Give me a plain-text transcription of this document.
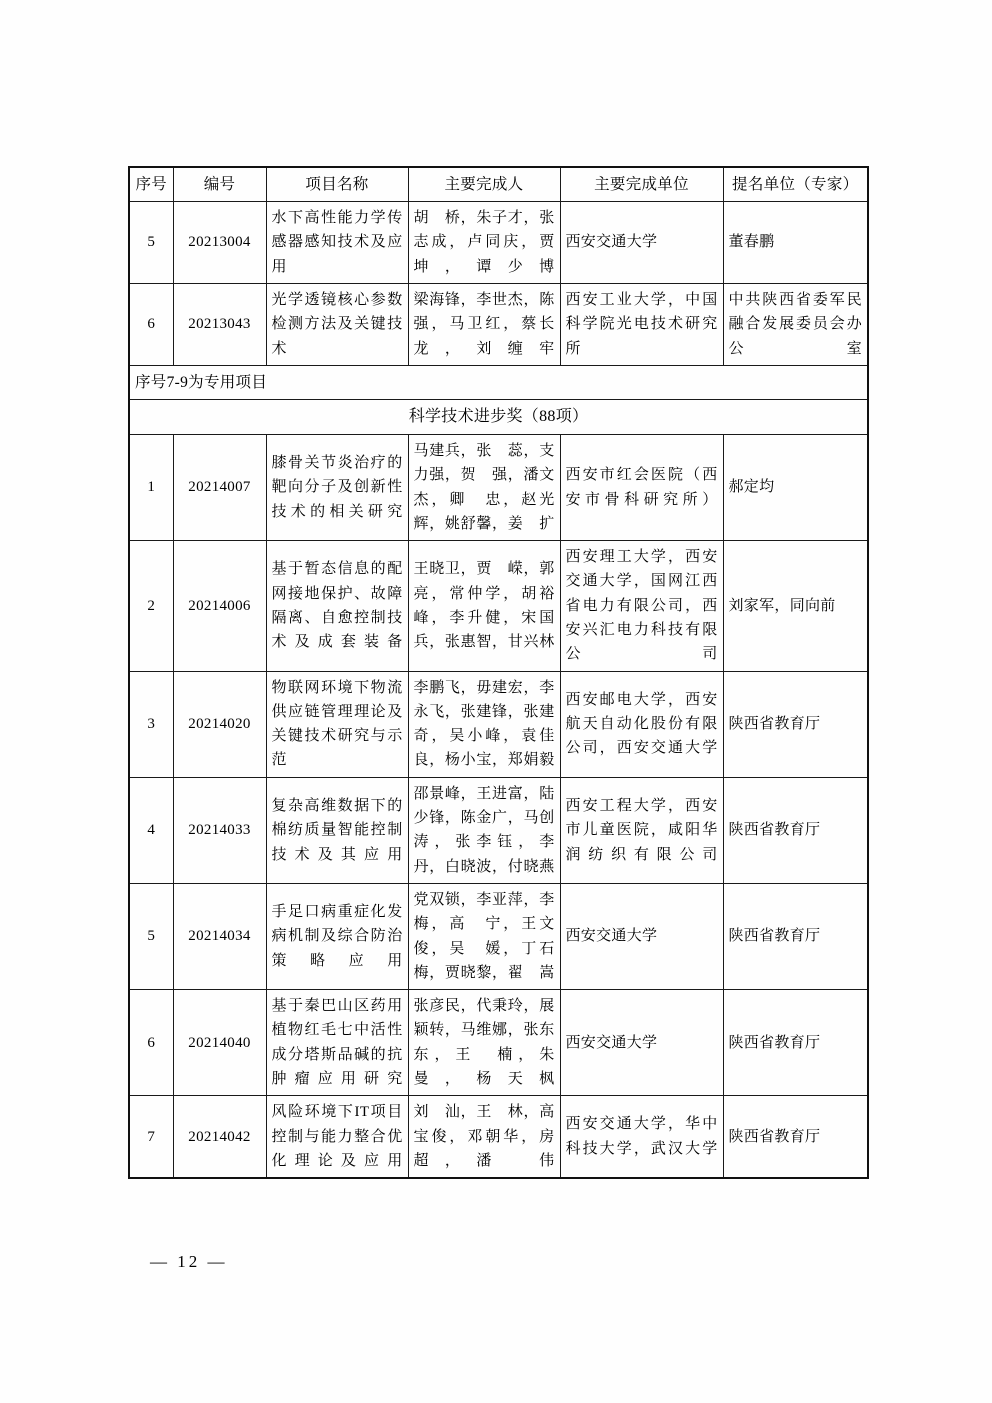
序号	编号	项目名称	主要完成人	主要完成单位	提名单位（专家）
5	20213004	水下高性能力学传感器感知技术及应用	胡　桥，朱子才，张志成，卢同庆，贾　坤，谭少博	西安交通大学	董春鹏
6	20213043	光学透镜核心参数检测方法及关键技术	梁海锋，李世杰，陈　强，马卫红，蔡长龙，刘缠牢	西安工业大学，中国科学院光电技术研究所	中共陕西省委军民融合发展委员会办公室
序号7-9为专用项目					
科学技术进步奖（88项）					
1	20214007	膝骨关节炎治疗的靶向分子及创新性技术的相关研究	马建兵，张　蕊，支力强，贺　强，潘文杰，卿　忠，赵光辉，姚舒馨，姜　扩	西安市红会医院（西安市骨科研究所）	郝定均
2	20214006	基于暂态信息的配网接地保护、故障隔离、自愈控制技术及成套装备	王晓卫，贾　嵘，郭　亮，常仲学，胡裕峰，李升健，宋国兵，张惠智，甘兴林	西安理工大学，西安交通大学，国网江西省电力有限公司，西安兴汇电力科技有限公司	刘家军，同向前
3	20214020	物联网环境下物流供应链管理理论及关键技术研究与示范	李鹏飞，毋建宏，李永飞，张建锋，张建奇，吴小峰，袁佳良，杨小宝，郑娟毅	西安邮电大学，西安航天自动化股份有限公司，西安交通大学	陕西省教育厅
4	20214033	复杂高维数据下的棉纺质量智能控制技术及其应用	邵景峰，王进富，陆少锋，陈金广，马创涛，张李钰，李　丹，白晓波，付晓燕	西安工程大学，西安市儿童医院，咸阳华润纺织有限公司	陕西省教育厅
5	20214034	手足口病重症化发病机制及综合防治策略应用	党双锁，李亚萍，李　梅，高　宁，王文俊，吴　媛，丁石梅，贾晓黎，翟　嵩	西安交通大学	陕西省教育厅
6	20214040	基于秦巴山区药用植物红毛七中活性成分塔斯品碱的抗肿瘤应用研究	张彦民，代秉玲，展颖转，马维娜，张东东，王　楠，朱　曼，杨天枫	西安交通大学	陕西省教育厅
7	20214042	风险环境下IT项目控制与能力整合优化理论及应用	刘　汕，王　林，高宝俊，邓朝华，房　超，潘　伟	西安交通大学，华中科技大学，武汉大学	陕西省教育厅
— 12 —
